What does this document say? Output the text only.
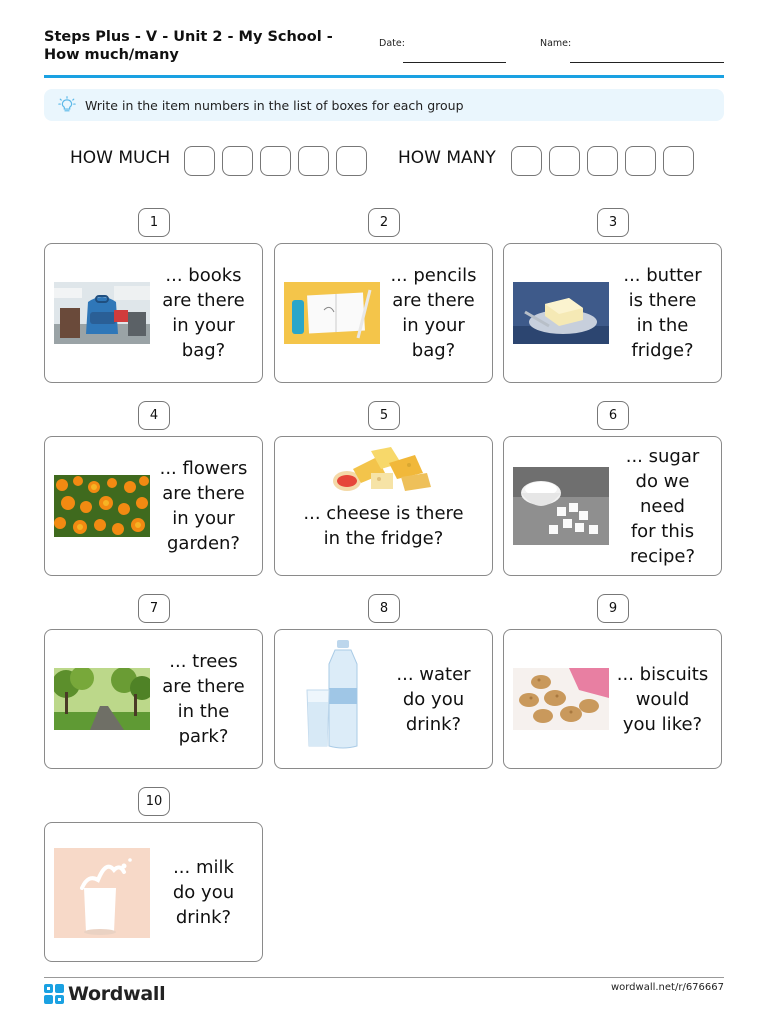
Steps Plus - V - Unit 2 - My School - How much/many
Date:	Name:
Write in the item numbers in the list of boxes for each group
HOW MUCH	HOW MANY
1
... books
are there
in your
bag?
2
... pencils
are there
in your
bag?
3
... butter
is there
in the
fridge?
4
... flowers
are there
in your
garden?
5
... cheese is there
in the fridge?
6
... sugar
do we
need
for this
recipe?
7
... trees
are there
in the
park?
8
... water
do you
drink?
9
... biscuits
would
you like?
10
... milk
do you
drink?
Wordwall	wordwall.net/r/676667
